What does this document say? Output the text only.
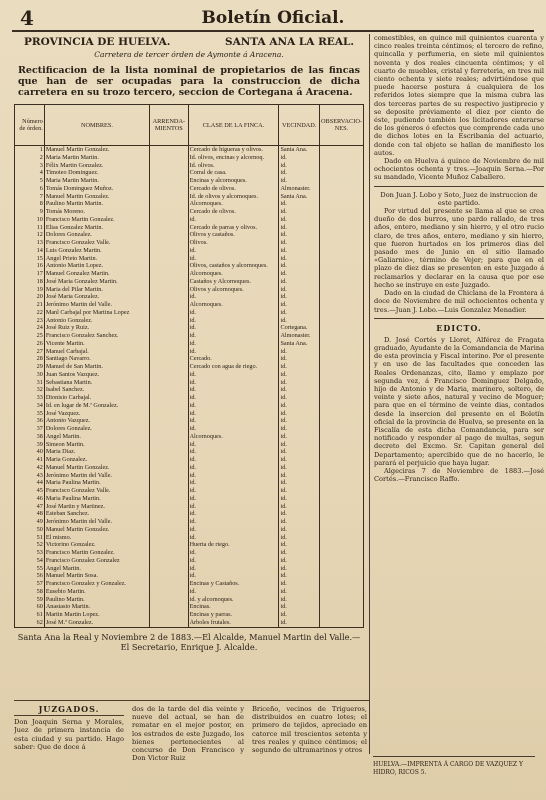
4	Boletín Oficial.
PROVINCIA DE HUELVA.	SANTA ANA LA REAL.
Carretera de tercer órden de Aymonte á Aracena.
Rectificacion de la lista nominal de propietarios de las fincas que han de ser ocupadas para la construccion de dicha carretera en su trozo tercero, seccion de Cortegana á Aracena.
Número de órden.	NOMBRES.	ARRENDA- MIENTOS	CLASE DE LA FINCA.	VECINDAD.	OBSERVACIO- NES.
1	Manuel Martin Gonzalez.		Cercado de higueras y olivos.	Santa Ana.	
2	Maria Martin Martin.		Id. olivos, encinas y alcornoq.	id.	
3	Félix Martin Gonzalez.		Id. olivos.	id.	
4	Timoteo Dominguez.		Corral de casa.	id.	
5	Maria Martin Martin.		Encinas y alcornoques.	id.	
6	Tomás Dominguez Muñoz.		Cercado de olivos.	Almonaster.	
7	Manuel Martin Gonzalez.		Id. de olivos y alcornoques.	Santa Ana.	
8	Paulino Martin Martin.		Alcornoques.	id.	
9	Tomás Moreno.		Cercado de olivos.	id.	
10	Francisco Martin Gonzalez.		id.	id.	
11	Elias Gonzalez Martin.		Cercado de parras y olivos.	id.	
12	Dolores Gonzalez.		Olivos y castaños.	id.	
13	Francisco Gonzalez Valle.		Olivos.	id.	
14	Luis Gonzalez Martin.		id.	id.	
15	Angel Prieto Martin.		id.	id.	
16	Antonio Martin Lopez.		Olivos, castaños y alcornoques.	id.	
17	Manuel Gonzalez Martin.		Alcornoques.	id.	
18	José Maria Gonzalez Martin.		Castaños y Alcornoques.	id.	
19	Maria del Pilar Martin.		Olivos y alcornoques.	id.	
20	José Maria Gonzalez.		id.	id.	
21	Jerónimo Martin del Valle.		Alcornoques.	id.	
22	Manl Carbajal por Martina Lopez		id.	id.	
23	Antonio Gonzalez.		id.	id.	
24	José Ruiz y Ruiz.		id.	Cortegana.	
25	Francisco Gonzalez Sanchez.		id.	Almonaster.	
26	Vicente Martin.		id.	Santa Ana.	
27	Manuel Carbajal.		id.	id.	
28	Santiago Navarro.		Cercado.	id.	
29	Manuel de San Martin.		Cercado con agua de riego.	id.	
30	Juan Santos Vazquez.		id.	id.	
31	Sebastiana Martin.		id.	id.	
32	Isabel Sanchez.		id.	id.	
33	Dionisio Carbajal.		id.	id.	
34	Id. en lugar de M.ª Gonzalez.		id.	id.	
35	José Vazquez.		id.	id.	
36	Antonio Vazquez.		id.	id.	
37	Dolores Gonzalez.		id.	id.	
38	Angel Martin.		Alcornoques.	id.	
39	Simeon Martin.		id.	id.	
40	Maria Diaz.		id.	id.	
41	Maria Gonzalez.		id.	id.	
42	Manuel Martin Gonzalez.		id.	id.	
43	Jerónimo Martin del Valle.		id.	id.	
44	Maria Paulina Martin.		id.	id.	
45	Francisco Gonzalez Valle.		id.	id.	
46	Maria Paulina Martin.		id.	id.	
47	José Martin y Martinez.		id.	id.	
48	Esteban Sanchez.		id.	id.	
49	Jerónimo Martin del Valle.		id.	id.	
50	Manuel Martin Gonzalez.		id.	id.	
51	El mismo.		id.	id.	
52	Victorino Gonzalez.		Huerta de riego.	id.	
53	Francisco Martin Gonzalez.		id.	id.	
54	Francisco Gonzalez Gonzalez		id.	id.	
55	Angel Martin.		id.	id.	
56	Manuel Martin Sosa.		id.	id.	
57	Francisco Gonzalez y Gonzalez.		Encinas y Castaños.	id.	
58	Eusebio Martin.		id.	id.	
59	Paulino Martin.		id. y alcornoques.	id.	
60	Anastasio Martin.		Encinas.	id.	
61	Martin Martin Lopez.		Encinas y parras.	id.	
62	José M.ª Gonzalez.		Árboles frutales.	id.	
Santa Ana la Real y Noviembre 2 de 1883.—El Alcalde, Manuel Martin del Valle.—El Secretario, Enrique J. Alcalde.

comestibles, en quince mil quinientos cuarenta y cinco reales treinta céntimos; el tercero de refino, quincalla y perfumeria, en siete mil quinientos noventa y dos reales cincuenta céntimos; y el cuarto de muebles, cristal y ferreteria, en tres mil ciento ochenta y siete reales; advirtiéndose que puede hacerse postura á cualquiera de los referidos lotes siempre que la misma cubra las dos terceras partes de su respectivo justiprecio y se deposite préviamente el diez por ciento de éste, pudiendo también los licitadores enterarse de los géneros ó efectos que comprende cada uno de dichos lotes en la Escribanía del actuario, donde con tal objeto se hallan de manifiesto los autos.

Dado en Huelva á quince de Noviembre de mil ochocientos ochenta y tres.—Joaquin Serna.—Por su mandado, Vicente Muñoz Caballero.

Don Juan J. Lobo y Soto, Juez de instruccion de este partido.

Por virtud del presente se llama al que se crea dueño de dos burros, uno pardo rallado, de tres años, entero, mediano y sin hierro, y el otro rucio claro, de tres años, entero, mediano y sin hierro, que fueron hurtados en los primeros dias del pasado mes de Junio en el sitio llamado «Galiarnio», término de Vejer; para que en el plazo de diez dias se presenten en este Juzgado á reclamarlos y declarar en la causa que por ese hecho se instruye en este Juzgado.

Dado en la ciudad de Chiclana de la Frontera á doce de Noviembre de mil ochocientos ochenta y tres.—Juan J. Lobo.—Luis Gonzalez Menadier.

EDICTO.

D. José Cortés y Lloret, Alférez de Fragata graduado, Ayudante de la Comandancia de Marina de esta provincia y Fiscal interino. Por el presente y en uso de las facultades que conceden las Reales Ordenanzas, cito, llamo y emplazo por segunda vez, á Francisco Dominguez Delgado, hijo de Antonio y de Maria, marinero, soltero, de veinte y siete años, natural y vecino de Moguer; para que en el término de veinte dias, contados desde la insercion del presente en el Boletín oficial de la provincia de Huelva, se presente en la Fiscalía de esta dicha Comandancia, para ser notificado y responder al pago de multas, segun decreto del Excmo. Sr. Capitan general del Departamento; apercibido que de no hacerlo, le parará el perjuicio que haya lugar.

Algeciras 7 de Noviembre de 1883.—José Cortés.—Francisco Raffo.

HUELVA.—IMPRENTA Á CARGO DE VAZQUEZ Y HIDRO, RICOS 5.
JUZGADOS.
Don Joaquin Serna y Morales, Juez de primera instancia de esta ciudad y su partido. Hago saber: Que de doce á
dos de la tarde del dia veinte y nueve del actual, se han de rematar en el mejor postor, en los estrados de este Juzgado, los bienes pertenecientes al concurso de Don Francisco y Don Victor Ruiz
Briceño, vecinos de Trigueros, distribuidos en cuatro lotes; el primero de tejidos, apreciado en catorce mil trescientos setenta y tres reales y quince céntimos; el segundo de ultramarinos y otros
